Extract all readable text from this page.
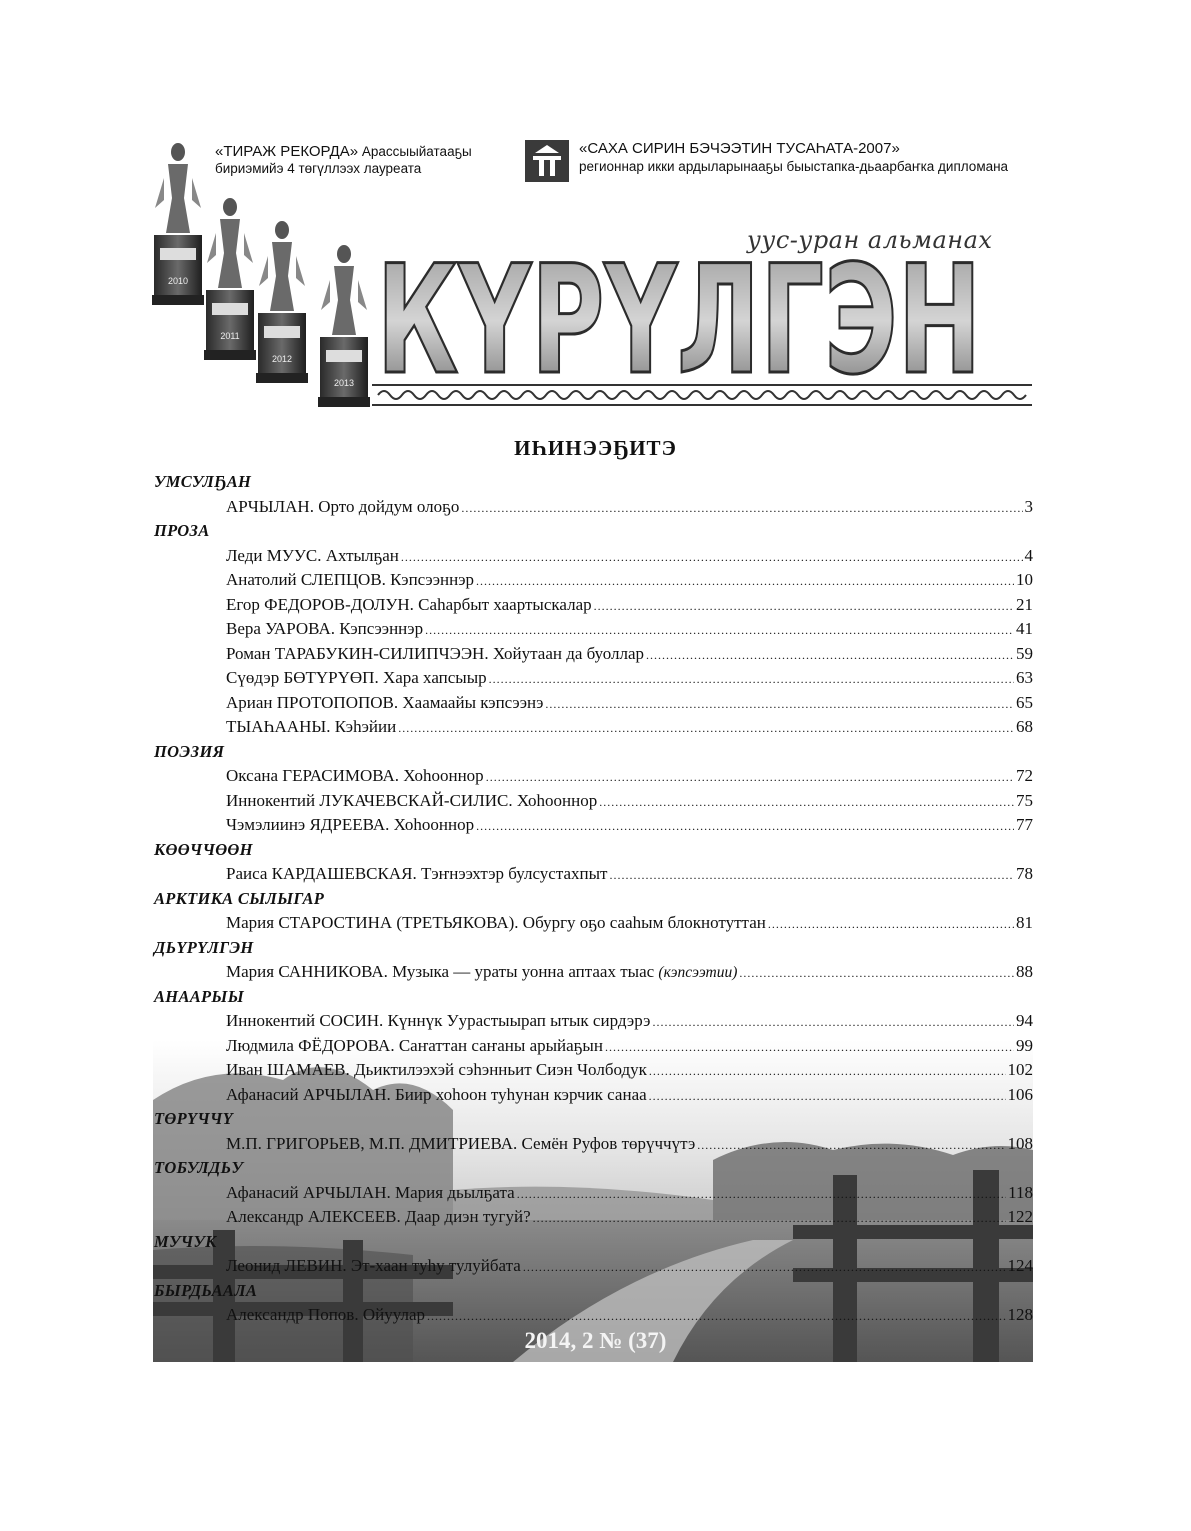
2010
2011
2012
2013
«ТИРАЖ РЕКОРДА» Арассыыйатааҕы
бириэмийэ 4 төгүллээх лауреата
«САХА СИРИН БЭЧЭЭТИН ТУСАҺАТА-2007»
регионнар икки ардыларынааҕы быыстапка-дьаарбаҥка дипломана
уус-уран альманах
КҮРҮЛГЭН
ИҺИНЭЭҔИТЭ
УМСУЛҔАН
АРЧЫЛАН. Орто дойдум олоҕо .....	3
ПРОЗА
Леди МУУС. Ахтылҕан .....	4
Анатолий СЛЕПЦОВ. Кэпсээннэр .....	10
Егор ФЕДОРОВ-ДОЛУН. Саһарбыт хаартыскалар .....	21
Вера УАРОВА. Кэпсээннэр .....	41
Роман ТАРАБУКИН-СИЛИПЧЭЭН. Хойутаан да буоллар .....	59
Сүөдэр БӨТҮРҮӨП. Хара хапсыыр .....	63
Ариан ПРОТОПОПОВ. Хаамаайы кэпсээнэ .....	65
ТЫАҺААНЫ. Кэһэйии .....	68
ПОЭЗИЯ
Оксана ГЕРАСИМОВА. Хоһооннор .....	72
Иннокентий ЛУКАЧЕВСКАЙ-СИЛИС. Хоһооннор .....	75
Чэмэлиинэ ЯДРЕЕВА. Хоһооннор .....	77
КӨӨЧЧӨӨН
Раиса КАРДАШЕВСКАЯ. Тэҥнээхтэр булсустахпыт .....	78
АРКТИКА СЫЛЫГАР
Мария СТАРОСТИНА (ТРЕТЬЯКОВА). Обургу оҕо саaһым блокнотуттан .....	81
ДЬҮРҮЛГЭН
Мария САННИКОВА. Музыка — ураты уонна аптаах тыас (кэпсээтии) .....	88
АНААРЫЫ
Иннокентий СОСИН. Күннүк Уурастыырап ытык сирдэрэ .....	94
Людмила ФЁДОРОВА. Саҥаттан саҥаны арыйаҕын .....	99
Иван ШАМАЕВ. Дьиктилээхэй сэһэнньит Сиэн Чолбодук .....	102
Афанасий АРЧЫЛАН. Биир хоһоон туһунан кэрчик санаа .....	106
ТӨРҮЧЧҮ
М.П. ГРИГОРЬЕВ, М.П. ДМИТРИЕВА. Семён Руфов төрүччүтэ .....	108
ТОБУЛДЬУ
Афанасий АРЧЫЛАН. Мария дьылҕата .....	118
Александр АЛЕКСЕЕВ. Даар диэн тугуй? .....	122
МУЧУК
Леонид ЛЕВИН. Эт-хаан туһу тулуйбата .....	124
БЫРДЬААЛА
Александр Попов. Ойуулар .....	128
2014, 2 № (37)
